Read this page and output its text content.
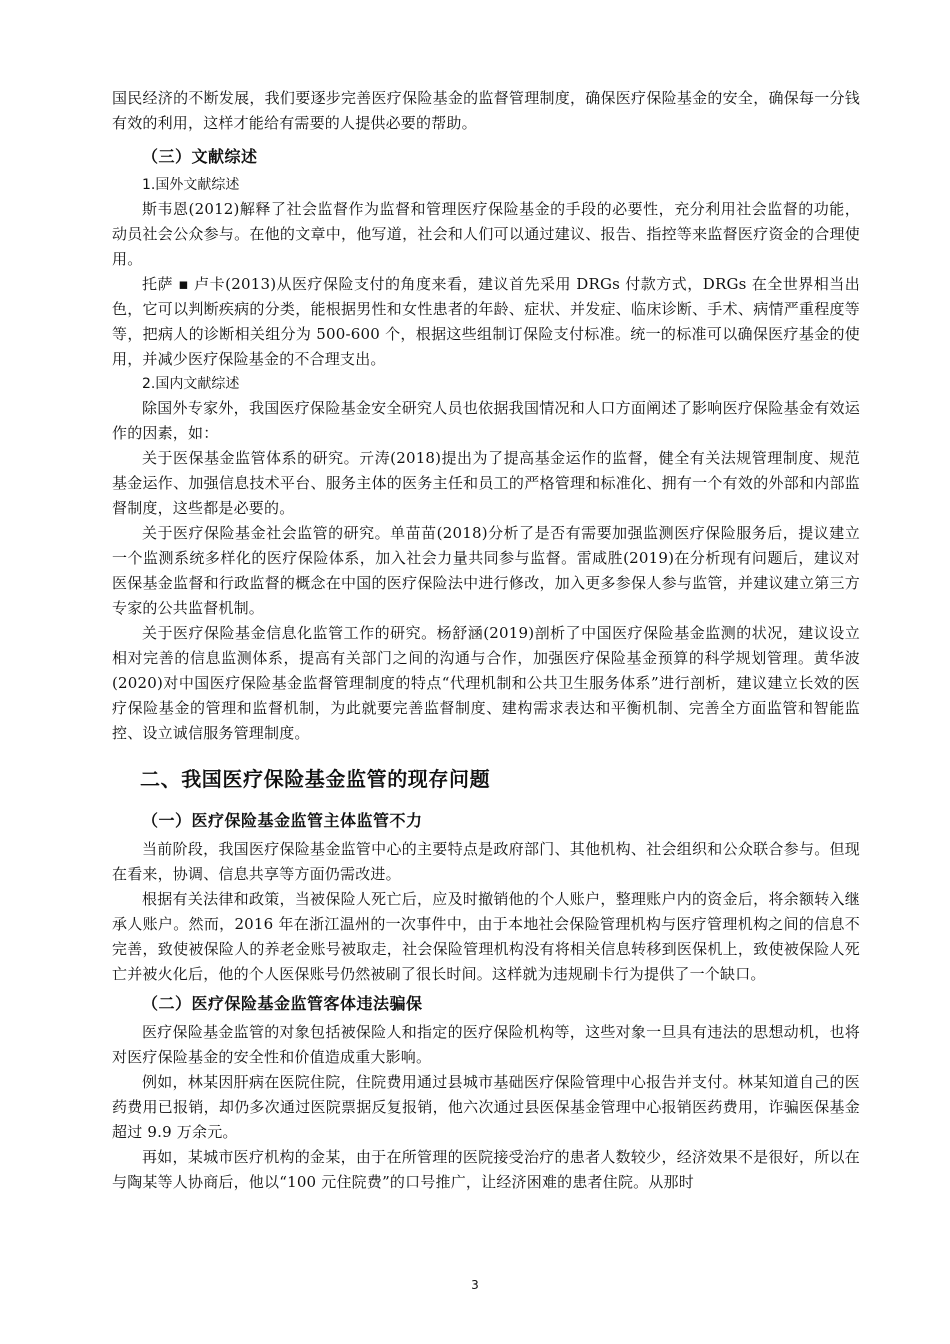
国民经济的不断发展，我们要逐步完善医疗保险基金的监督管理制度，确保医疗保险基金的安全，确保每一分钱有效的利用，这样才能给有需要的人提供必要的帮助。

（三）文献综述
1.国外文献综述

斯韦恩(2012)解释了社会监督作为监督和管理医疗保险基金的手段的必要性，充分利用社会监督的功能，动员社会公众参与。在他的文章中，他写道，社会和人们可以通过建议、报告、指控等来监督医疗资金的合理使用。

托萨 ▪ 卢卡(2013)从医疗保险支付的角度来看，建议首先采用 DRGs 付款方式，DRGs 在全世界相当出色，它可以判断疾病的分类，能根据男性和女性患者的年龄、症状、并发症、临床诊断、手术、病情严重程度等等，把病人的诊断相关组分为 500-600 个，根据这些组制订保险支付标准。统一的标准可以确保医疗基金的使用，并减少医疗保险基金的不合理支出。

2.国内文献综述

除国外专家外，我国医疗保险基金安全研究人员也依据我国情况和人口方面阐述了影响医疗保险基金有效运作的因素，如：

关于医保基金监管体系的研究。亓涛(2018)提出为了提高基金运作的监督，健全有关法规管理制度、规范基金运作、加强信息技术平台、服务主体的医务主任和员工的严格管理和标准化、拥有一个有效的外部和内部监督制度，这些都是必要的。

关于医疗保险基金社会监管的研究。单苗苗(2018)分析了是否有需要加强监测医疗保险服务后，提议建立一个监测系统多样化的医疗保险体系，加入社会力量共同参与监督。雷咸胜(2019)在分析现有问题后，建议对医保基金监督和行政监督的概念在中国的医疗保险法中进行修改，加入更多参保人参与监管，并建议建立第三方专家的公共监督机制。

关于医疗保险基金信息化监管工作的研究。杨舒涵(2019)剖析了中国医疗保险基金监测的状况，建议设立相对完善的信息监测体系，提高有关部门之间的沟通与合作，加强医疗保险基金预算的科学规划管理。黄华波(2020)对中国医疗保险基金监督管理制度的特点“代理机制和公共卫生服务体系”进行剖析，建议建立长效的医疗保险基金的管理和监督机制，为此就要完善监督制度、建构需求表达和平衡机制、完善全方面监管和智能监控、设立诚信服务管理制度。

二、我国医疗保险基金监管的现存问题
（一）医疗保险基金监管主体监管不力

当前阶段，我国医疗保险基金监管中心的主要特点是政府部门、其他机构、社会组织和公众联合参与。但现在看来，协调、信息共享等方面仍需改进。

根据有关法律和政策，当被保险人死亡后，应及时撤销他的个人账户，整理账户内的资金后，将余额转入继承人账户。然而，2016 年在浙江温州的一次事件中，由于本地社会保险管理机构与医疗管理机构之间的信息不完善，致使被保险人的养老金账号被取走，社会保险管理机构没有将相关信息转移到医保机上，致使被保险人死亡并被火化后，他的个人医保账号仍然被刷了很长时间。这样就为违规刷卡行为提供了一个缺口。

（二）医疗保险基金监管客体违法骗保

医疗保险基金监管的对象包括被保险人和指定的医疗保险机构等，这些对象一旦具有违法的思想动机，也将对医疗保险基金的安全性和价值造成重大影响。

例如，林某因肝病在医院住院，住院费用通过县城市基础医疗保险管理中心报告并支付。林某知道自己的医药费用已报销，却仍多次通过医院票据反复报销，他六次通过县医保基金管理中心报销医药费用，诈骗医保基金超过 9.9 万余元。

再如，某城市医疗机构的金某，由于在所管理的医院接受治疗的患者人数较少，经济效果不是很好，所以在与陶某等人协商后，他以“100 元住院费”的口号推广，让经济困难的患者住院。从那时

3
